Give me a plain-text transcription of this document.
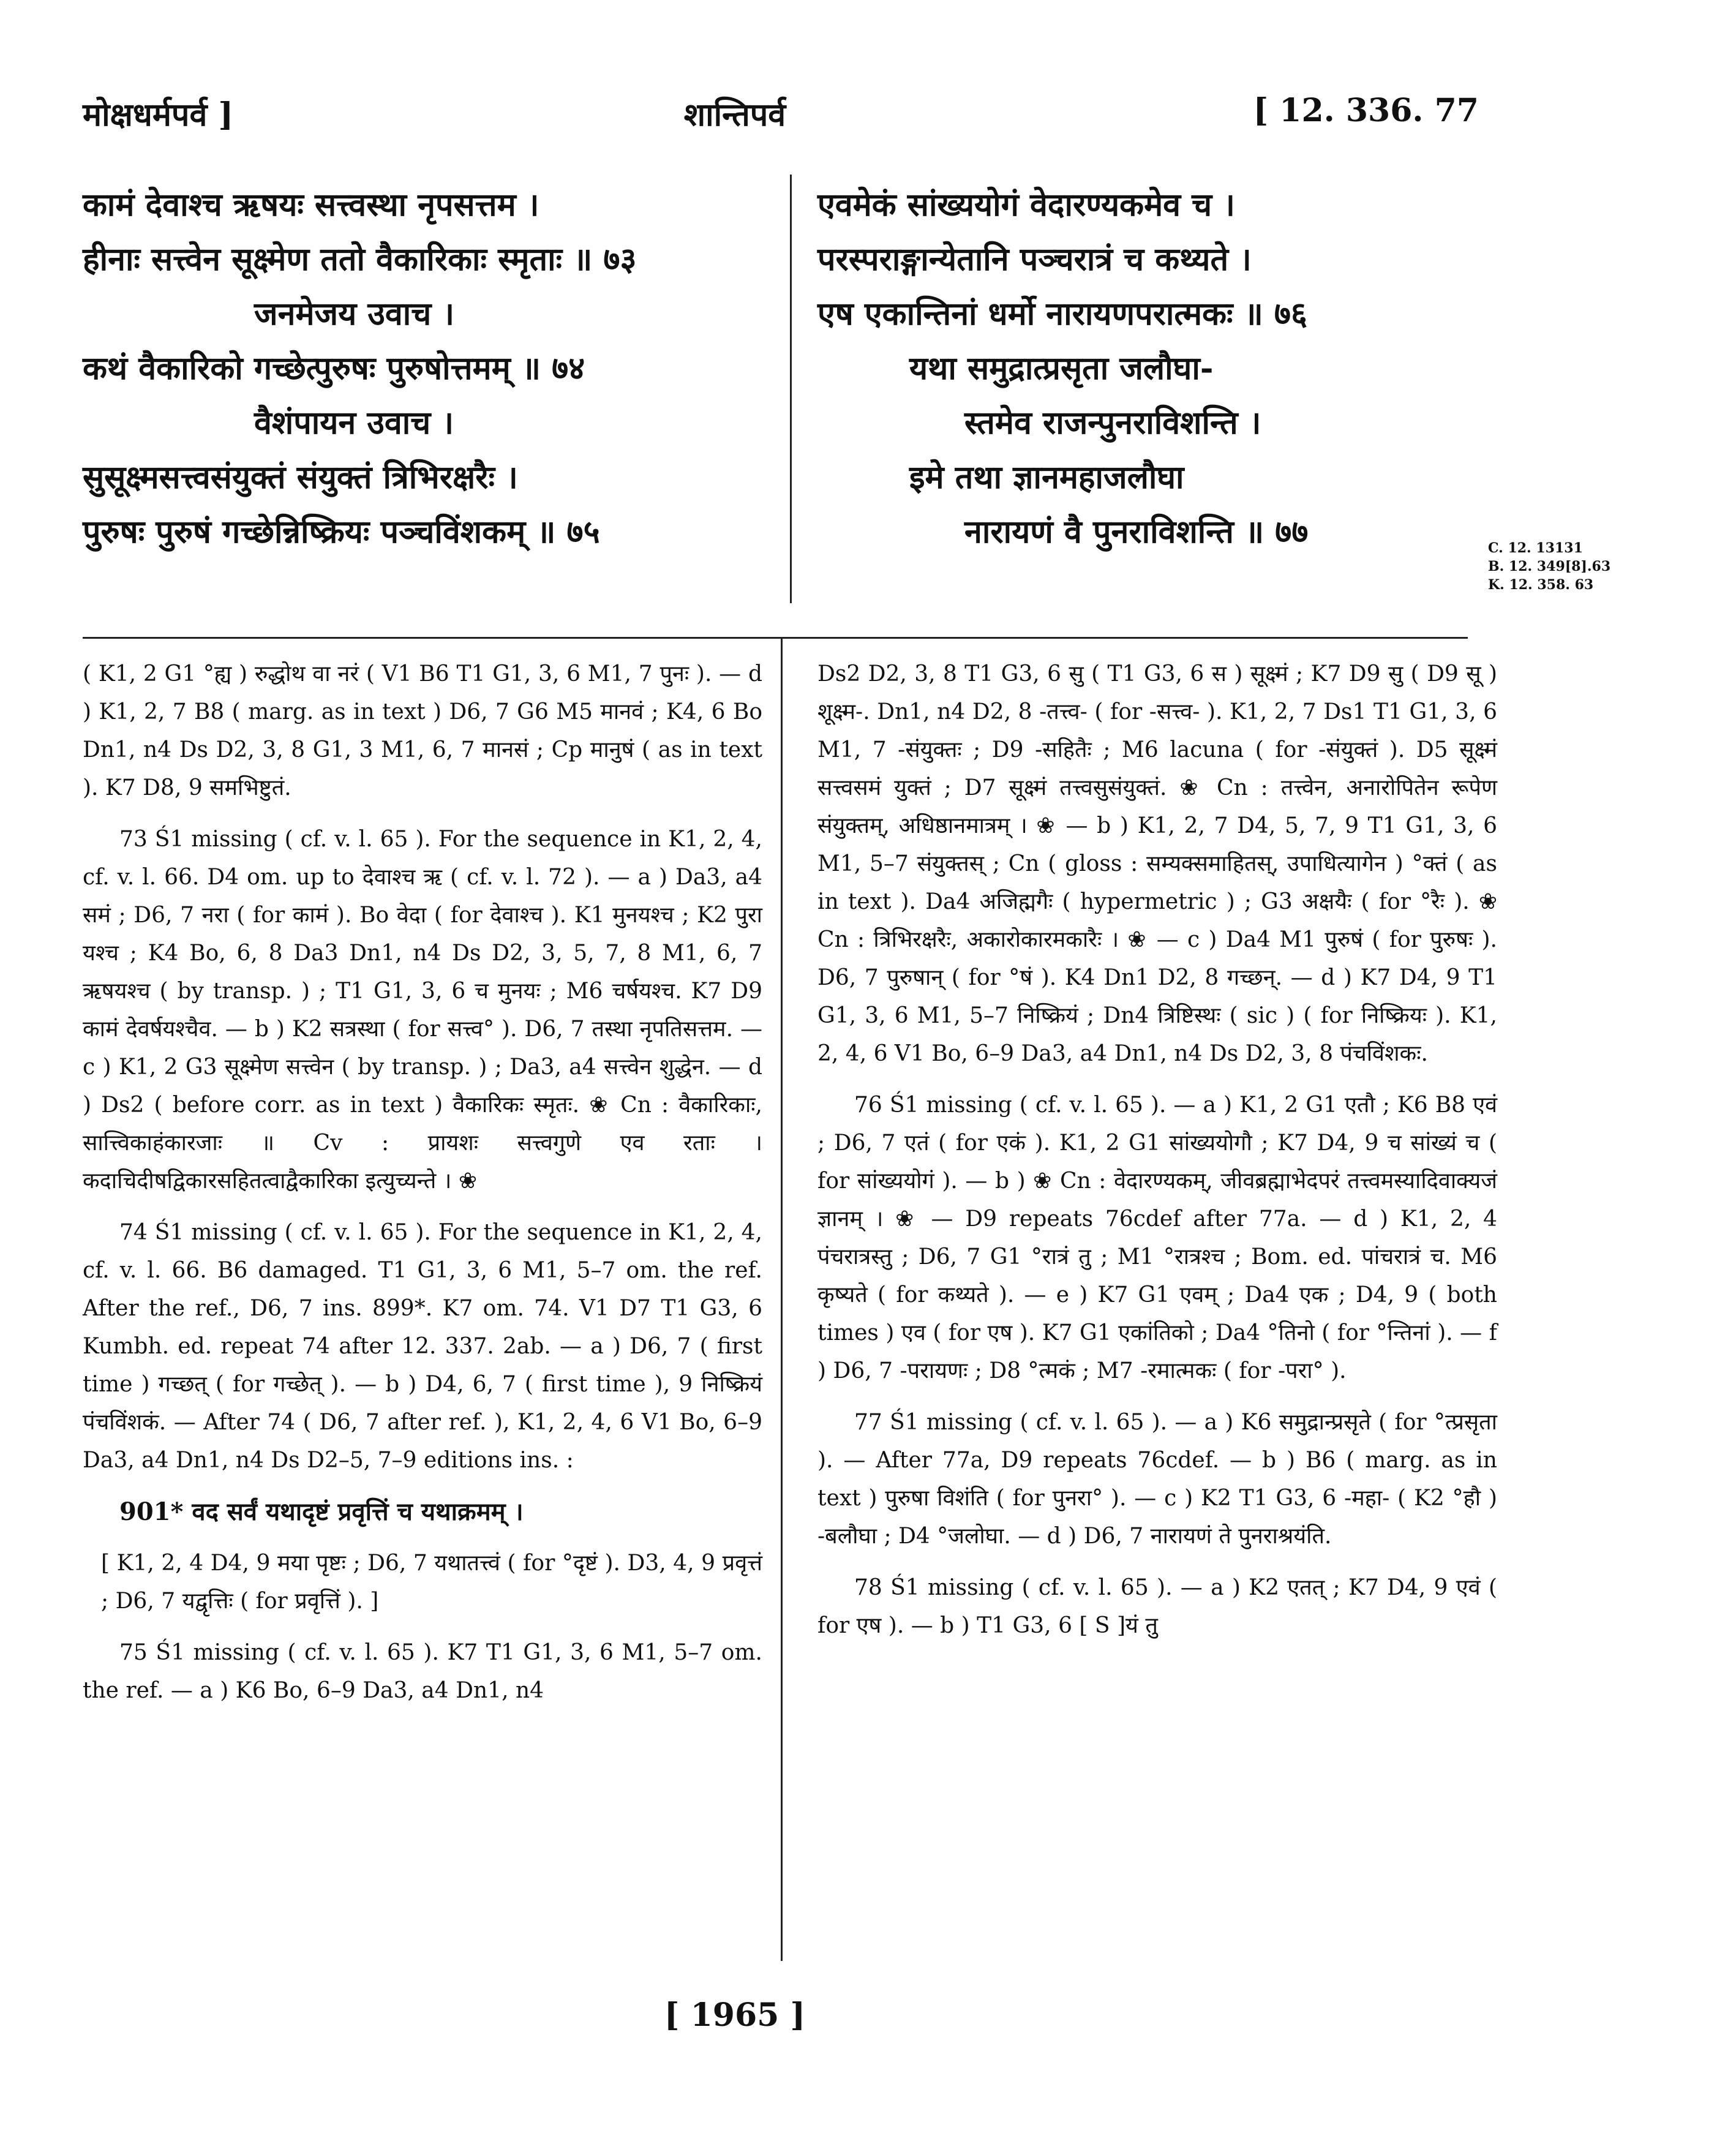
मोक्षधर्मपर्व ]	शान्तिपर्व	[ 12. 336. 77
कामं देवाश्च ऋषयः सत्त्वस्था नृपसत्तम ।
हीनाः सत्त्वेन सूक्ष्मेण ततो वैकारिकाः स्मृताः ॥ ७३
जनमेजय उवाच ।
कथं वैकारिको गच्छेत्पुरुषः पुरुषोत्तमम् ॥ ७४
वैशंपायन उवाच ।
सुसूक्ष्मसत्त्वसंयुक्तं संयुक्तं त्रिभिरक्षरैः ।
पुरुषः पुरुषं गच्छेन्निष्क्रियः पञ्चविंशकम् ॥ ७५
एवमेकं सांख्ययोगं वेदारण्यकमेव च ।
परस्पराङ्गान्येतानि पञ्चरात्रं च कथ्यते ।
एष एकान्तिनां धर्मो नारायणपरात्मकः ॥ ७६
यथा समुद्रात्प्रसृता जलौघा-
स्तमेव राजन्पुनराविशन्ति ।
इमे तथा ज्ञानमहाजलौघा
नारायणं वै पुनराविशन्ति ॥ ७७	C. 12. 13131
B. 12. 349[8].63
K. 12. 358. 63

( K1, 2 G1 °ह्य ) रुद्धोथ वा नरं ( V1 B6 T1 G1, 3, 6 M1, 7 पुनः ). — d ) K1, 2, 7 B8 ( marg. as in text ) D6, 7 G6 M5 मानवं ; K4, 6 Bo Dn1, n4 Ds D2, 3, 8 G1, 3 M1, 6, 7 मानसं ; Cp मानुषं ( as in text ). K7 D8, 9 समभिष्टुतं.

73 Ś1 missing ( cf. v. l. 65 ). For the sequence in K1, 2, 4, cf. v. l. 66. D4 om. up to देवाश्च ऋ ( cf. v. l. 72 ). — a ) Da3, a4 समं ; D6, 7 नरा ( for कामं ). Bo वेदा ( for देवाश्च ). K1 मुनयश्च ; K2 पुरा यश्च ; K4 Bo, 6, 8 Da3 Dn1, n4 Ds D2, 3, 5, 7, 8 M1, 6, 7 ऋषयश्च ( by transp. ) ; T1 G1, 3, 6 च मुनयः ; M6 चर्षयश्च. K7 D9 कामं देवर्षयश्चैव. — b ) K2 सत्रस्था ( for सत्त्व° ). D6, 7 तस्था नृपतिसत्तम. — c ) K1, 2 G3 सूक्ष्मेण सत्त्वेन ( by transp. ) ; Da3, a4 सत्त्वेन शुद्धेन. — d ) Ds2 ( before corr. as in text ) वैकारिकः स्मृतः. ❀ Cn : वैकारिकाः, सात्त्विकाहंकारजाः ॥ Cv : प्रायशः सत्त्वगुणे एव रताः । कदाचिदीषद्विकारसहितत्वाद्वैकारिका इत्युच्यन्ते । ❀

74 Ś1 missing ( cf. v. l. 65 ). For the sequence in K1, 2, 4, cf. v. l. 66. B6 damaged. T1 G1, 3, 6 M1, 5–7 om. the ref. After the ref., D6, 7 ins. 899*. K7 om. 74. V1 D7 T1 G3, 6 Kumbh. ed. repeat 74 after 12. 337. 2ab. — a ) D6, 7 ( first time ) गच्छत् ( for गच्छेत् ). — b ) D4, 6, 7 ( first time ), 9 निष्क्रियं पंचविंशकं. — After 74 ( D6, 7 after ref. ), K1, 2, 4, 6 V1 Bo, 6–9 Da3, a4 Dn1, n4 Ds D2–5, 7–9 editions ins. :

901* वद सर्वं यथादृष्टं प्रवृत्तिं च यथाक्रमम् ।

[ K1, 2, 4 D4, 9 मया पृष्टः ; D6, 7 यथातत्त्वं ( for °दृष्टं ). D3, 4, 9 प्रवृत्तं ; D6, 7 यद्वृत्तिः ( for प्रवृत्तिं ). ]

75 Ś1 missing ( cf. v. l. 65 ). K7 T1 G1, 3, 6 M1, 5–7 om. the ref. — a ) K6 Bo, 6–9 Da3, a4 Dn1, n4

Ds2 D2, 3, 8 T1 G3, 6 सु ( T1 G3, 6 स ) सूक्ष्मं ; K7 D9 सु ( D9 सू ) शूक्ष्म-. Dn1, n4 D2, 8 -तत्त्व- ( for -सत्त्व- ). K1, 2, 7 Ds1 T1 G1, 3, 6 M1, 7 -संयुक्तः ; D9 -सहितैः ; M6 lacuna ( for -संयुक्तं ). D5 सूक्ष्मं सत्त्वसमं युक्तं ; D7 सूक्ष्मं तत्त्वसुसंयुक्तं. ❀ Cn : तत्त्वेन, अनारोपितेन रूपेण संयुक्तम्, अधिष्ठानमात्रम् । ❀ — b ) K1, 2, 7 D4, 5, 7, 9 T1 G1, 3, 6 M1, 5–7 संयुक्तस् ; Cn ( gloss : सम्यक्समाहितस्, उपाधित्यागेन ) °क्तं ( as in text ). Da4 अजिह्मगैः ( hypermetric ) ; G3 अक्षयैः ( for °रैः ). ❀ Cn : त्रिभिरक्षरैः, अकारोकारमकारैः । ❀ — c ) Da4 M1 पुरुषं ( for पुरुषः ). D6, 7 पुरुषान् ( for °षं ). K4 Dn1 D2, 8 गच्छन्. — d ) K7 D4, 9 T1 G1, 3, 6 M1, 5–7 निष्क्रियं ; Dn4 त्रिष्टिस्थः ( sic ) ( for निष्क्रियः ). K1, 2, 4, 6 V1 Bo, 6–9 Da3, a4 Dn1, n4 Ds D2, 3, 8 पंचविंशकः.

76 Ś1 missing ( cf. v. l. 65 ). — a ) K1, 2 G1 एतौ ; K6 B8 एवं ; D6, 7 एतं ( for एकं ). K1, 2 G1 सांख्ययोगौ ; K7 D4, 9 च सांख्यं च ( for सांख्ययोगं ). — b ) ❀ Cn : वेदारण्यकम्, जीवब्रह्माभेदपरं तत्त्वमस्यादिवाक्यजं ज्ञानम् । ❀ — D9 repeats 76cdef after 77a. — d ) K1, 2, 4 पंचरात्रस्तु ; D6, 7 G1 °रात्रं तु ; M1 °रात्रश्च ; Bom. ed. पांचरात्रं च. M6 कृष्यते ( for कथ्यते ). — e ) K7 G1 एवम् ; Da4 एक ; D4, 9 ( both times ) एव ( for एष ). K7 G1 एकांतिको ; Da4 °तिनो ( for °न्तिनां ). — f ) D6, 7 -परायणः ; D8 °त्मकं ; M7 -रमात्मकः ( for -परा° ).

77 Ś1 missing ( cf. v. l. 65 ). — a ) K6 समुद्रान्प्रसृते ( for °त्प्रसृता ). — After 77a, D9 repeats 76cdef. — b ) B6 ( marg. as in text ) पुरुषा विशंति ( for पुनरा° ). — c ) K2 T1 G3, 6 -महा- ( K2 °हौ ) -बलौघा ; D4 °जलोघा. — d ) D6, 7 नारायणं ते पुनराश्रयंति.

78 Ś1 missing ( cf. v. l. 65 ). — a ) K2 एतत् ; K7 D4, 9 एवं ( for एष ). — b ) T1 G3, 6 [ S ]यं तु

[ 1965 ]
